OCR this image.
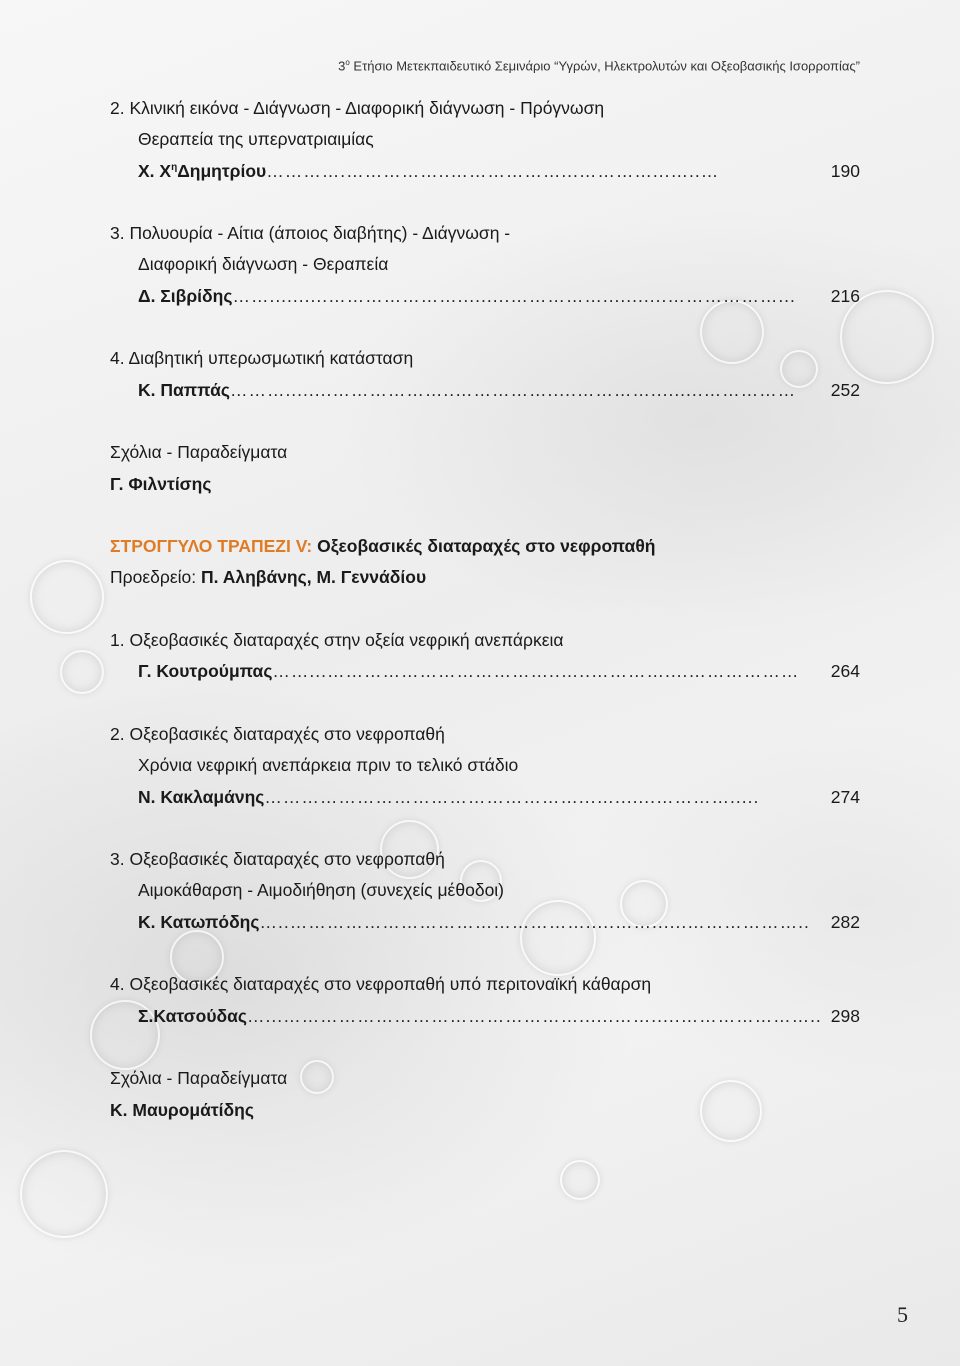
$3^o$ Ετήσιο Μετεκπαιδευτικό Σεμινάριο “Υγρών, Ηλεκτρολυτών και Οξεοβασικής Ισορροπίας”
2. Κλινική εικόνα - Διάγνωση - Διαφορική διάγνωση - Πρόγνωση
Θεραπεία της υπερνατριαιμίας
Χ. $X^\eta\Delta\eta\mu\eta\tau\rho ίo\upsilon$ ………….……………..………………...…………...…..…	190
3. Πολυουρία - Αίτια (άποιος διαβήτης) - Διάγνωση -
Διαφορική διάγνωση - Θεραπεία
Δ. Σιβρίδης ……..........………………….........……………...........………………...	216
4. Διαβητική υπερωσμωτική κατάσταση
Κ. Παππάς ………........………………..…………….....………….........……………	252
Σχόλια - Παραδείγματα
Γ. Φιλντίσης
ΣΤΡΟΓΓΥΛΟ ΤΡΑΠΕΖΙ V: Οξεοβασικές διαταραχές στο νεφροπαθή
Προεδρείο: Π. Αληβάνης, Μ. Γεννάδίου
1. Οξεοβασικές διαταραχές στην οξεία νεφρική ανεπάρκεια
Γ. Κουτρούμπας ……...………………………………..…..…………....………………	264
2. Οξεοβασικές διαταραχές στο νεφροπαθή
Χρόνια νεφρική ανεπάρκεια πριν το τελικό στάδιο
Ν. Κακλαμάνης ……………………………………………...….......………….....	274
3. Οξεοβασικές διαταραχές στο νεφροπαθή
Αιμοκάθαρση - Αιμοδιήθηση (συνεχείς μέθοδοι)
Κ. Κατωπόδης …..………………………………………….....……......………………..	282
4. Οξεοβασικές διαταραχές στο νεφροπαθή υπό περιτοναϊκή κάθαρση
Σ.Κατσούδας …...…………………………………………......…….....………………….. 298
Σχόλια - Παραδείγματα
Κ. Μαυρομάτίδης
5
